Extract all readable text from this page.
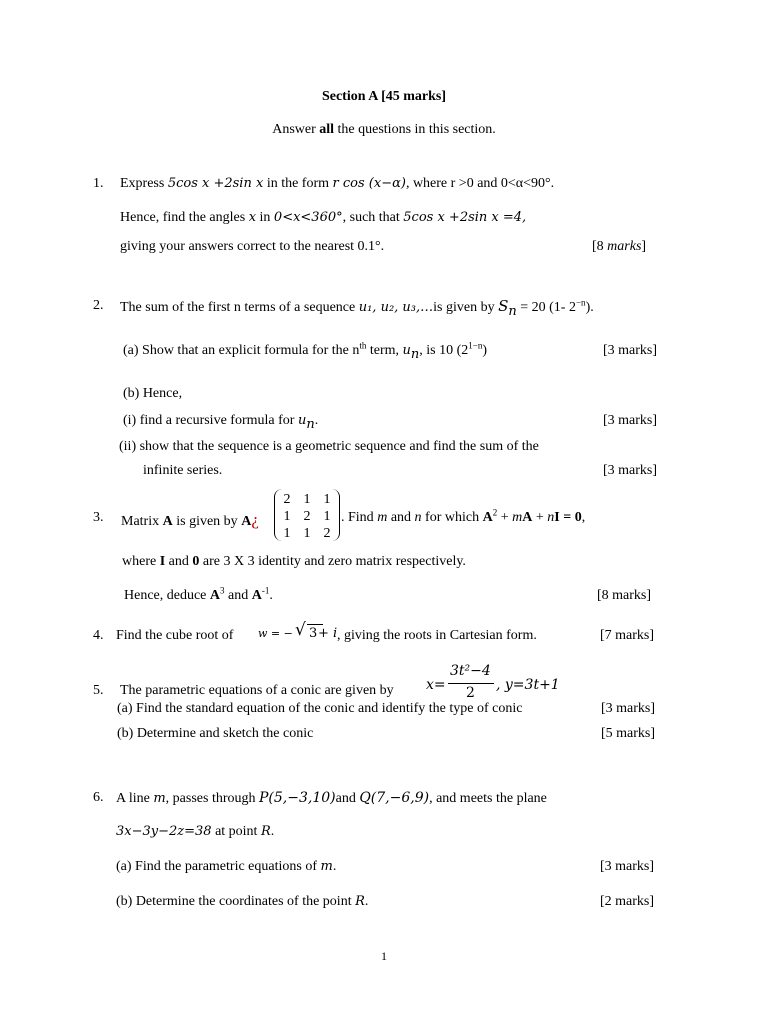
Section A [45 marks]
Answer all the questions in this section.
1. Express 5cos x +2sin x in the form r cos (x−α), where r >0 and 0<α<90°.
Hence, find the angles x in 0<x<360°, such that 5cos x +2sin x =4,
giving your answers correct to the nearest 0.1°.	[8 marks]
2. The sum of the first n terms of a sequence u₁, u₂, u₃,…is given by $S_n = 20$ (1- $2^{-n}$).
(a) Show that an explicit formula for the $n^{th}$ term, $u_n$, is 10 $(2^{1-n})$	[3 marks]
(b) Hence,
(i) find a recursive formula for $u_n$.	[3 marks]
(ii) show that the sequence is a geometric sequence and find the sum of the
infinite series.	[3 marks]
3. Matrix A is given by A¿
2 1 1
1 2 1
1 1 2
. Find m and n for which $A^2$ + mA + nI = 0,
where I and 0 are 3 X 3 identity and zero matrix respectively.
Hence, deduce $A^3$ and $A^{-1}$.	[8 marks]
4. Find the cube root of w = − √ 3 + i , giving the roots in Cartesian form.	[7 marks]
x=
3t²−4
2 , y=3t+1
5. The parametric equations of a conic are given by
(a) Find the standard equation of the conic and identify the type of conic	[3 marks]
(b) Determine and sketch the conic	[5 marks]
6. A line m, passes through P(5,−3,10)and Q(7,−6,9), and meets the plane
3x−3y−2z=38 at point R.
(a) Find the parametric equations of m.	[3 marks]
(b) Determine the coordinates of the point R.	[2 marks]
1
